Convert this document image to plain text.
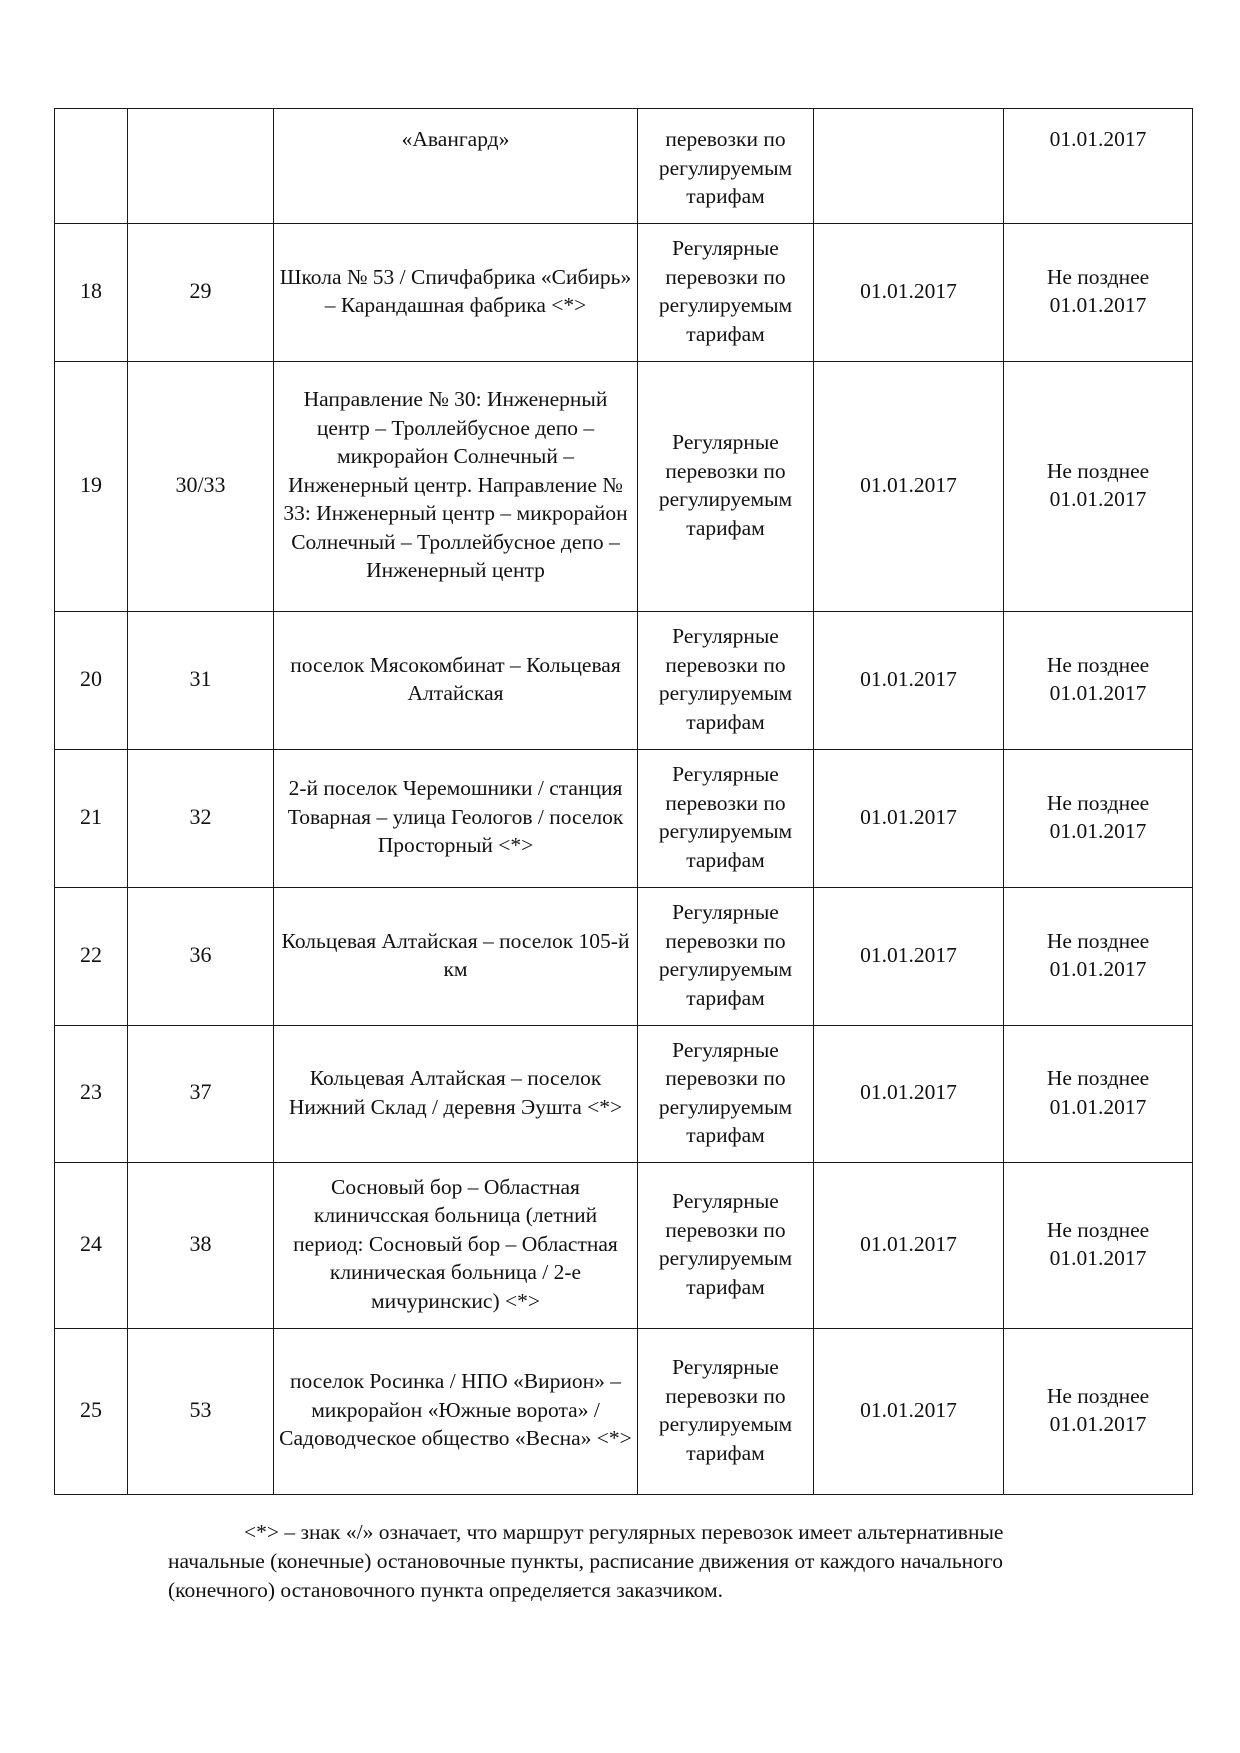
		«Авангард»	перевозки по регулируемым тарифам		01.01.2017
18	29	Школа № 53 / Спичфабрика «Сибирь» – Карандашная фабрика <*>	Регулярные перевозки по регулируемым тарифам	01.01.2017	Не позднее 01.01.2017
19	30/33	Направление № 30: Инженерный центр – Троллейбусное депо – микрорайон Солнечный – Инженерный центр. Направление № 33: Инженерный центр – микрорайон Солнечный – Троллейбусное депо – Инженерный центр	Регулярные перевозки по регулируемым тарифам	01.01.2017	Не позднее 01.01.2017
20	31	поселок Мясокомбинат – Кольцевая Алтайская	Регулярные перевозки по регулируемым тарифам	01.01.2017	Не позднее 01.01.2017
21	32	2-й поселок Черемошники / станция Товарная – улица Геологов / поселок Просторный <*>	Регулярные перевозки по регулируемым тарифам	01.01.2017	Не позднее 01.01.2017
22	36	Кольцевая Алтайская – поселок 105-й км	Регулярные перевозки по регулируемым тарифам	01.01.2017	Не позднее 01.01.2017
23	37	Кольцевая Алтайская – поселок Нижний Склад / деревня Эушта <*>	Регулярные перевозки по регулируемым тарифам	01.01.2017	Не позднее 01.01.2017
24	38	Сосновый бор – Областная клиничсская больница (летний период: Сосновый бор – Областная клиническая больница / 2-е мичуринскис) <*>	Регулярные перевозки по регулируемым тарифам	01.01.2017	Не позднее 01.01.2017
25	53	поселок Росинка / НПО «Вирион» – микрорайон «Южные ворота» / Садоводческое общество «Весна» <*>	Регулярные перевозки по регулируемым тарифам	01.01.2017	Не позднее 01.01.2017
<*> – знак «/» означает, что маршрут регулярных перевозок имеет альтернативные начальные (конечные) остановочные пункты, расписание движения от каждого начального (конечного) остановочного пункта определяется заказчиком.
